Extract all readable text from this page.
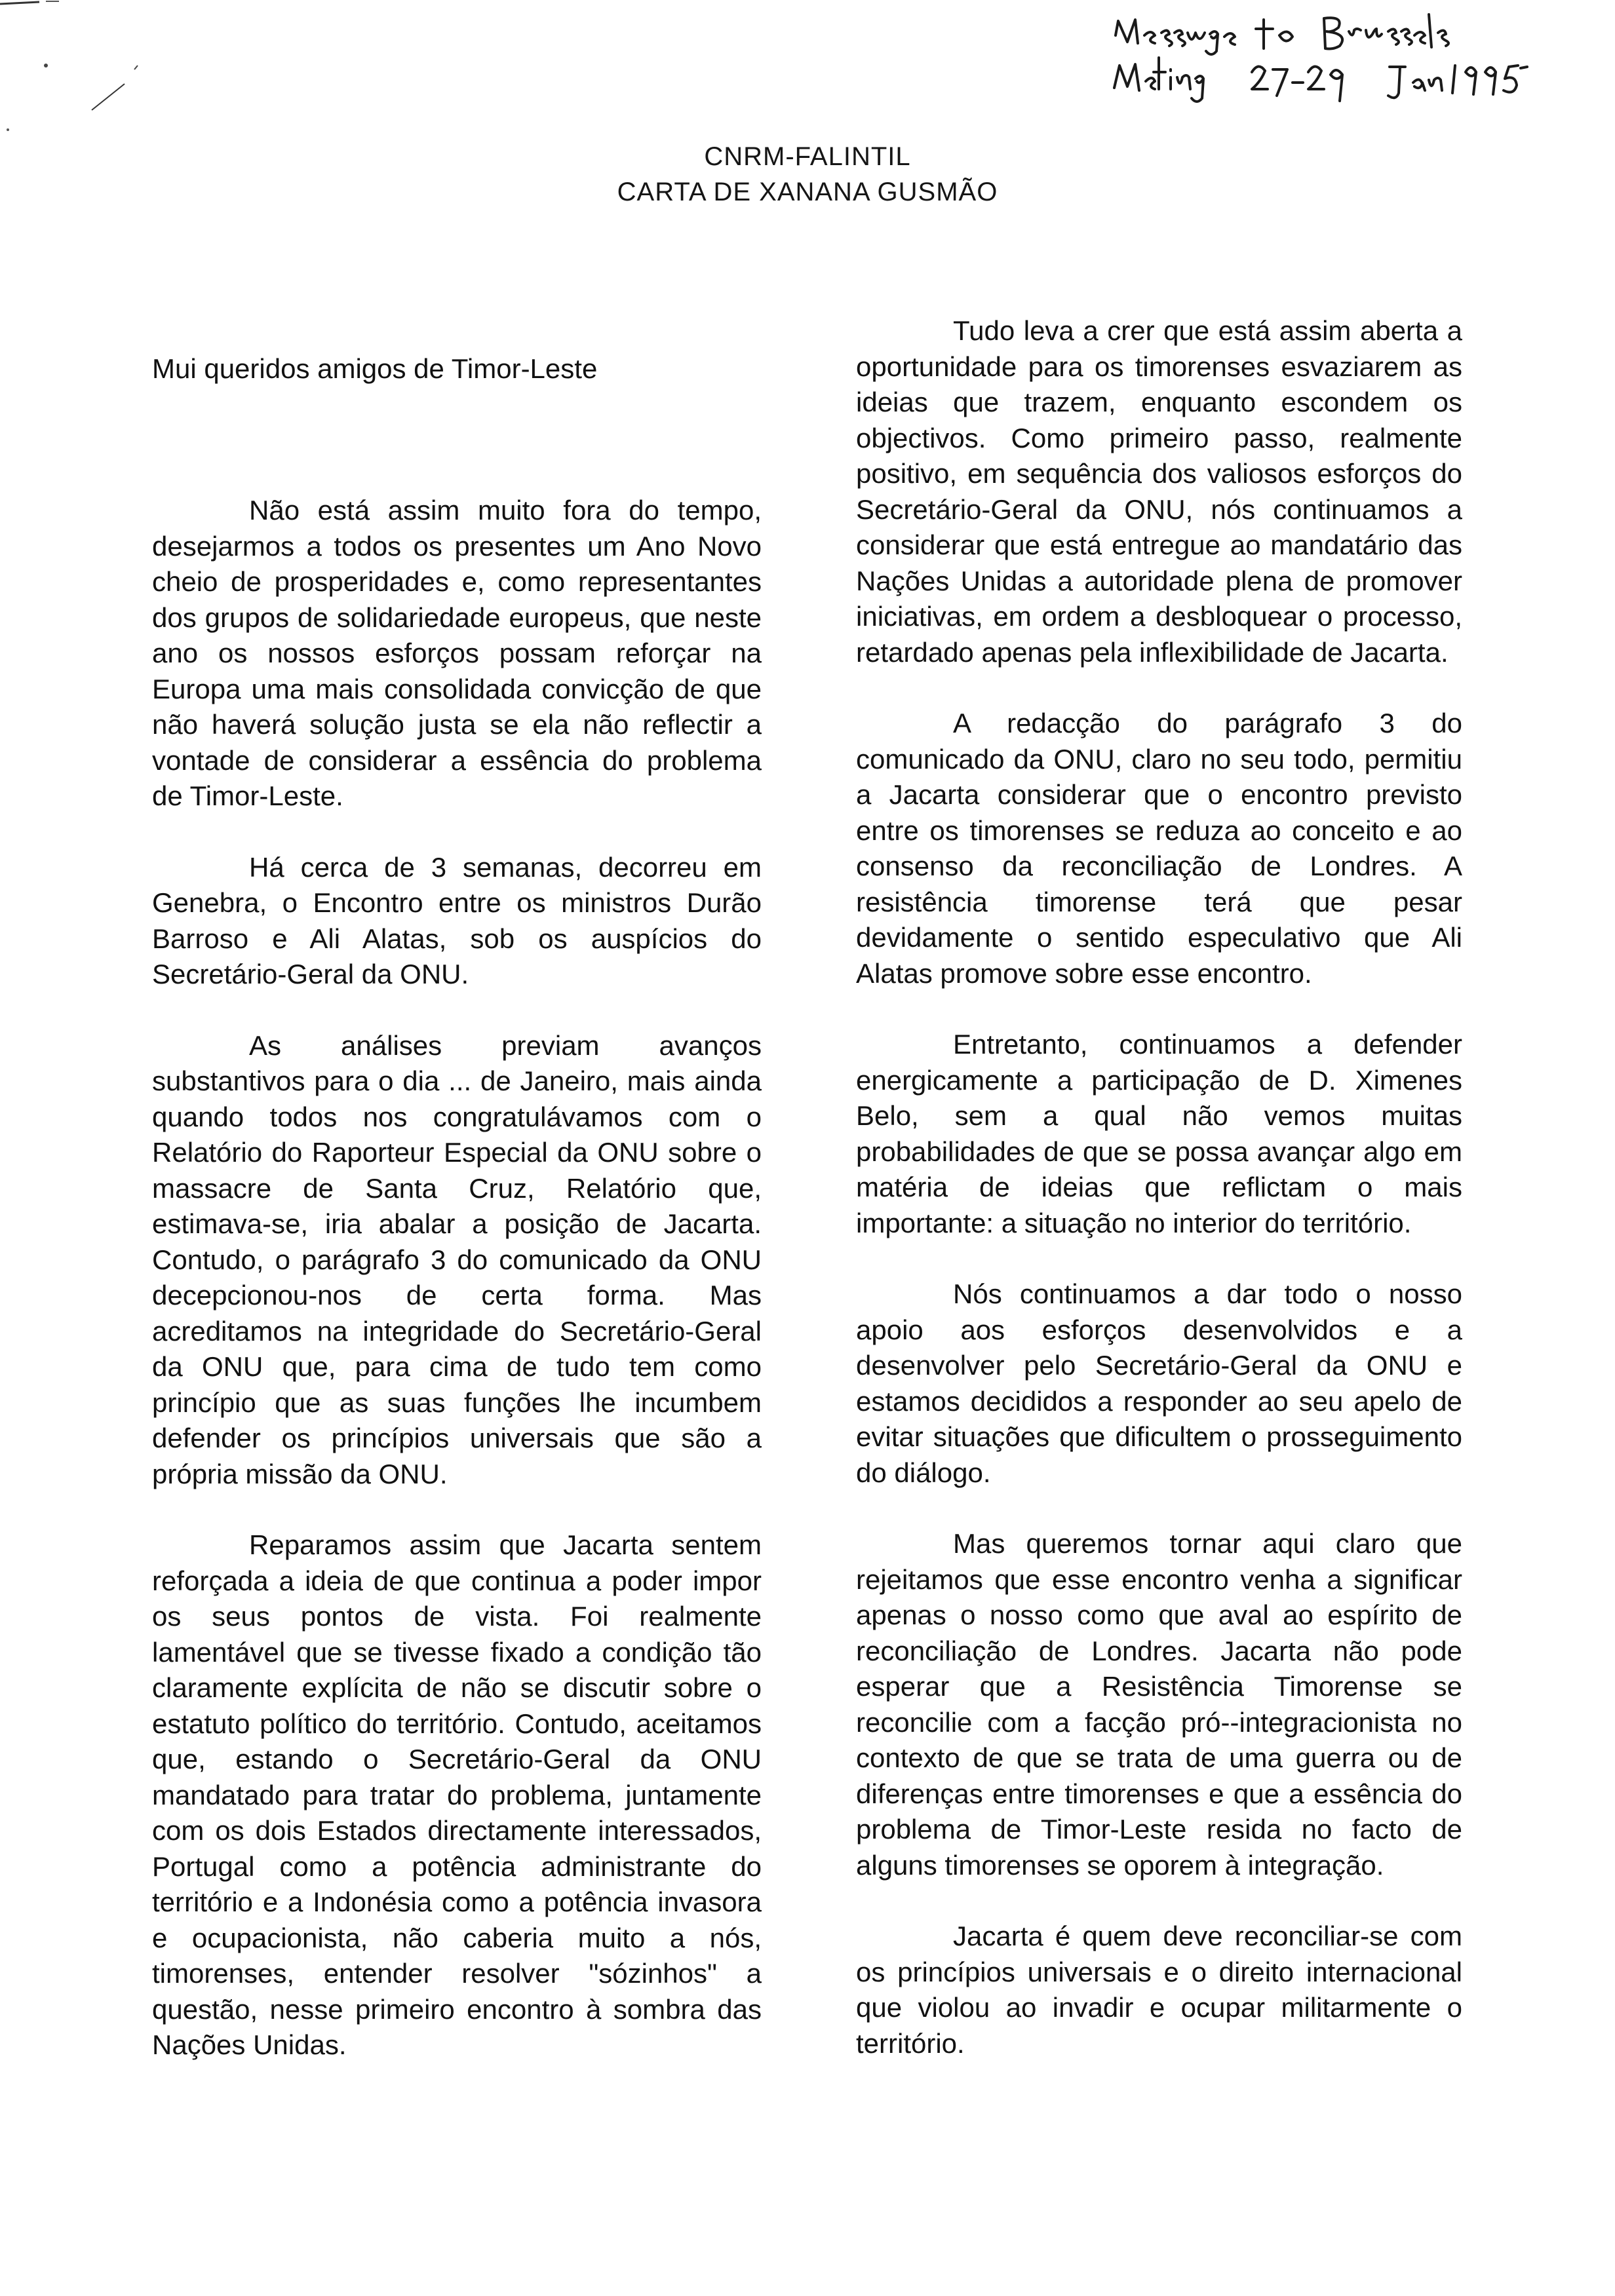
CNRM-FALINTIL
CARTA DE XANANA GUSMÃO
Mui queridos amigos de Timor-Leste

Não está assim muito fora do tempo, desejarmos a todos os presentes um Ano Novo cheio de prosperidades e, como representantes dos grupos de solidariedade europeus, que neste ano os nossos esforços possam reforçar na Europa uma mais consolidada convicção de que não haverá solução justa se ela não reflectir a vontade de considerar a essência do problema de Timor-Leste.

Há cerca de 3 semanas, decorreu em Genebra, o Encontro entre os ministros Durão Barroso e Ali Alatas, sob os auspícios do Secretário-Geral da ONU.

As análises previam avanços substantivos para o dia ... de Janeiro, mais ainda quando todos nos congratulávamos com o Relatório do Raporteur Especial da ONU sobre o massacre de Santa Cruz, Relatório que, estimava-se, iria abalar a posição de Jacarta. Contudo, o parágrafo 3 do comunicado da ONU decepcionou-nos de certa forma. Mas acreditamos na integridade do Secretário-Geral da ONU que, para cima de tudo tem como princípio que as suas funções lhe incumbem defender os princípios universais que são a própria missão da ONU.

Reparamos assim que Jacarta sentem reforçada a ideia de que continua a poder impor os seus pontos de vista. Foi realmente lamentável que se tivesse fixado a condição tão claramente explícita de não se discutir sobre o estatuto político do território. Contudo, aceitamos que, estando o Secretário-Geral da ONU mandatado para tratar do problema, juntamente com os dois Estados directamente interessados, Portugal como a potência administrante do território e a Indonésia como a potência invasora e ocupacionista, não caberia muito a nós, timorenses, entender resolver "sózinhos" a questão, nesse primeiro encontro à sombra das Nações Unidas.

Tudo leva a crer que está assim aberta a oportunidade para os timorenses esvaziarem as ideias que trazem, enquanto escondem os objectivos. Como primeiro passo, realmente positivo, em sequência dos valiosos esforços do Secretário-Geral da ONU, nós continuamos a considerar que está entregue ao mandatário das Nações Unidas a autoridade plena de promover iniciativas, em ordem a desbloquear o processo, retardado apenas pela inflexibilidade de Jacarta.

A redacção do parágrafo 3 do comunicado da ONU, claro no seu todo, permitiu a Jacarta considerar que o encontro previsto entre os timorenses se reduza ao conceito e ao consenso da reconciliação de Londres. A resistência timorense terá que pesar devidamente o sentido especulativo que Ali Alatas promove sobre esse encontro.

Entretanto, continuamos a defender energicamente a participação de D. Ximenes Belo, sem a qual não vemos muitas probabilidades de que se possa avançar algo em matéria de ideias que reflictam o mais importante: a situação no interior do território.

Nós continuamos a dar todo o nosso apoio aos esforços desenvolvidos e a desenvolver pelo Secretário-Geral da ONU e estamos decididos a responder ao seu apelo de evitar situações que dificultem o prosseguimento do diálogo.

Mas queremos tornar aqui claro que rejeitamos que esse encontro venha a significar apenas o nosso como que aval ao espírito de reconciliação de Londres. Jacarta não pode esperar que a Resistência Timorense se reconcilie com a facção pró--integracionista no contexto de que se trata de uma guerra ou de diferenças entre timorenses e que a essência do problema de Timor-Leste resida no facto de alguns timorenses se oporem à integração.

Jacarta é quem deve reconciliar-se com os princípios universais e o direito internacional que violou ao invadir e ocupar militarmente o território.
